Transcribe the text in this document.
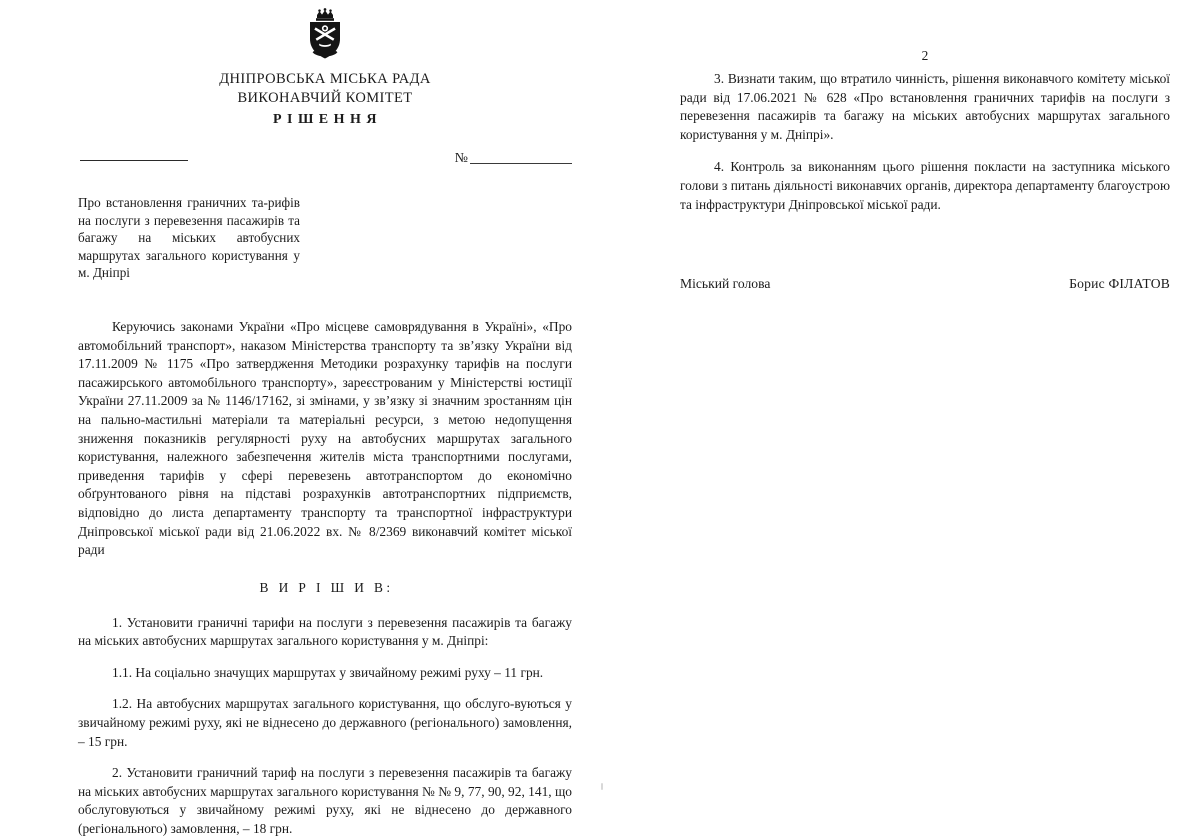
ДНІПРОВСЬКА МІСЬКА РАДА
ВИКОНАВЧИЙ КОМІТЕТ
РІШЕННЯ
№
Про встановлення граничних та-рифів на послуги з перевезення пасажирів та багажу на міських автобусних маршрутах загального користування у м. Дніпрі

Керуючись законами України «Про місцеве самоврядування в Україні», «Про автомобільний транспорт», наказом Міністерства транспорту та зв’язку України від 17.11.2009 № 1175 «Про затвердження Методики розрахунку тарифів на послуги пасажирського автомобільного транспорту», зареєстрованим у Міністерстві юстиції України 27.11.2009 за № 1146/17162, зі змінами, у зв’язку зі значним зростанням цін на пально-мастильні матеріали та матеріальні ресурси, з метою недопущення зниження показників регулярності руху на автобусних маршрутах загального користування, належного забезпечення жителів міста транспортними послугами, приведення тарифів у сфері перевезень автотранспортом до економічно обґрунтованого рівня на підставі розрахунків автотранспортних підприємств, відповідно до листа департаменту транспорту та транспортної інфраструктури Дніпровської міської ради від 21.06.2022 вх. № 8/2369 виконавчий комітет міської ради

В И Р І Ш И В:

1. Установити граничні тарифи на послуги з перевезення пасажирів та багажу на міських автобусних маршрутах загального користування у м. Дніпрі:

1.1. На соціально значущих маршрутах у звичайному режимі руху – 11 грн.

1.2. На автобусних маршрутах загального користування, що обслуго-вуються у звичайному режимі руху, які не віднесено до державного (регіонального) замовлення, – 15 грн.

2. Установити граничний тариф на послуги з перевезення пасажирів та багажу на міських автобусних маршрутах загального користування № № 9, 77, 90, 92, 141, що обслуговуються у звичайному режимі руху, які не віднесено до державного (регіонального) замовлення, – 18 грн.

2

3. Визнати таким, що втратило чинність, рішення виконавчого комітету міської ради від 17.06.2021 № 628 «Про встановлення граничних тарифів на послуги з перевезення пасажирів та багажу на міських автобусних маршрутах загального користування у м. Дніпрі».

4. Контроль за виконанням цього рішення покласти на заступника міського голови з питань діяльності виконавчих органів, директора департаменту благоустрою та інфраструктури Дніпровської міської ради.

Міський голова	Борис ФІЛАТОВ
